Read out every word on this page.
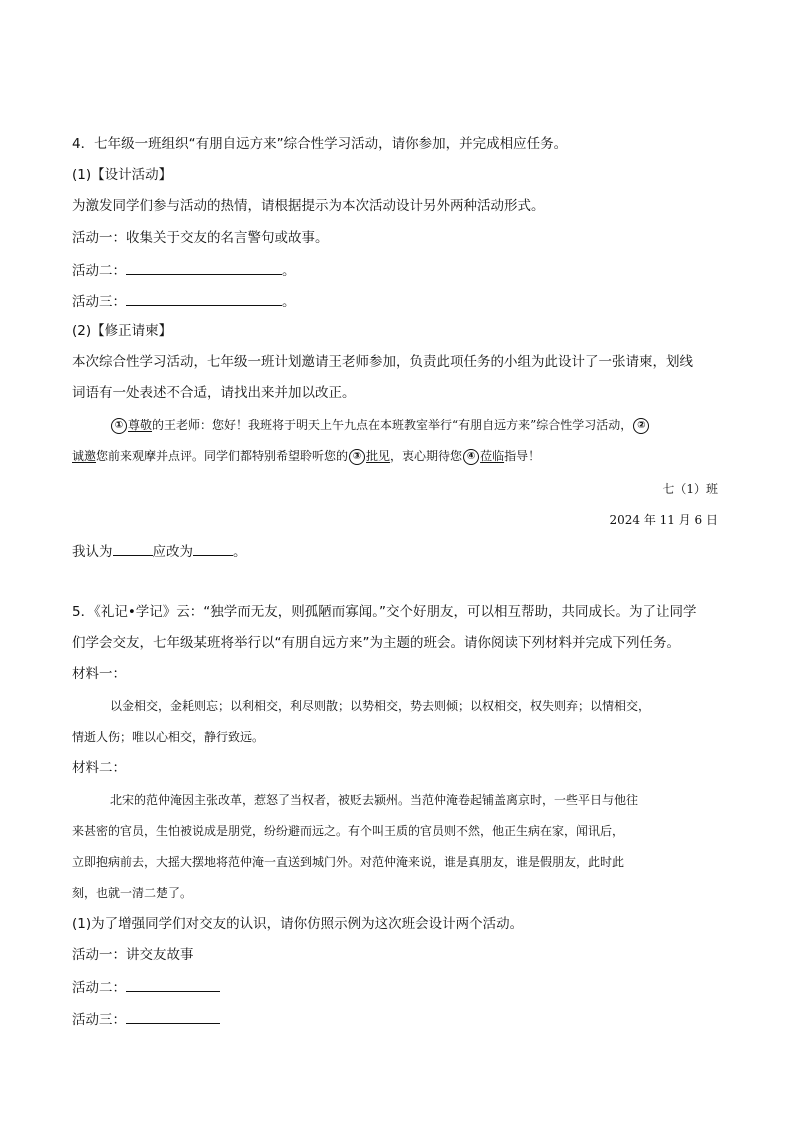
4．七年级一班组织“有朋自远方来”综合性学习活动，请你参加，并完成相应任务。
(1)【设计活动】
为激发同学们参与活动的热情，请根据提示为本次活动设计另外两种活动形式。
活动一：收集关于交友的名言警句或故事。
活动二：	。
活动三：	。
(2)【修正请柬】
本次综合性学习活动，七年级一班计划邀请王老师参加，负责此项任务的小组为此设计了一张请柬，划线
词语有一处表述不合适，请找出来并加以改正。
① 尊敬的王老师：您好！我班将于明天上午九点在本班教室举行“有朋自远方来”综合性学习活动， ②
诚邀您前来观摩并点评。同学们都特别希望聆听您的 ③ 批见，衷心期待您 ④ 莅临指导！
七（1）班
2024 年 11 月 6 日
我认为	应改为	。
5．《礼记•学记》云：“独学而无友，则孤陋而寡闻。”交个好朋友，可以相互帮助，共同成长。为了让同学
们学会交友，七年级某班将举行以“有朋自远方来”为主题的班会。请你阅读下列材料并完成下列任务。
材料一：
以金相交，金耗则忘；以利相交，利尽则散；以势相交，势去则倾；以权相交，权失则弃；以情相交，
情逝人伤；唯以心相交，静行致远。
材料二：
北宋的范仲淹因主张改革，惹怒了当权者，被贬去颍州。当范仲淹卷起铺盖离京时，一些平日与他往
来甚密的官员，生怕被说成是朋党，纷纷避而远之。有个叫王质的官员则不然，他正生病在家，闻讯后，
立即抱病前去，大摇大摆地将范仲淹一直送到城门外。对范仲淹来说，谁是真朋友，谁是假朋友，此时此
刻，也就一清二楚了。
(1)为了增强同学们对交友的认识，请你仿照示例为这次班会设计两个活动。
活动一：讲交友故事
活动二：
活动三：
